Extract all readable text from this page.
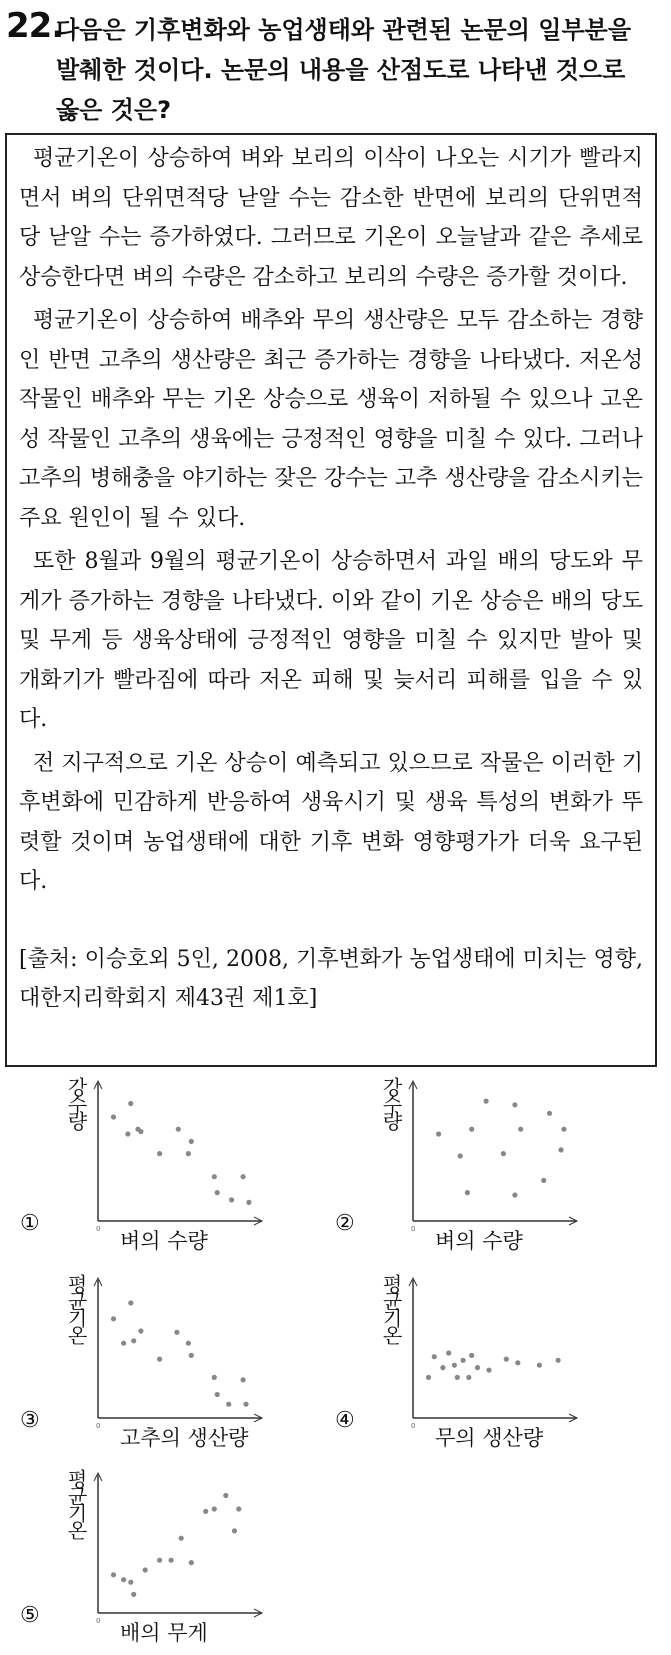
22.
다음은 기후변화와 농업생태와 관련된 논문의 일부분을 발췌한 것이다. 논문의 내용을 산점도로 나타낸 것으로 옳은 것은?

평균기온이 상승하여 벼와 보리의 이삭이 나오는 시기가 빨라지면서 벼의 단위면적당 낟알 수는 감소한 반면에 보리의 단위면적당 낟알 수는 증가하였다. 그러므로 기온이 오늘날과 같은 추세로 상승한다면 벼의 수량은 감소하고 보리의 수량은 증가할 것이다.

평균기온이 상승하여 배추와 무의 생산량은 모두 감소하는 경향인 반면 고추의 생산량은 최근 증가하는 경향을 나타냈다. 저온성 작물인 배추와 무는 기온 상승으로 생육이 저하될 수 있으나 고온성 작물인 고추의 생육에는 긍정적인 영향을 미칠 수 있다. 그러나 고추의 병해충을 야기하는 잦은 강수는 고추 생산량을 감소시키는 주요 원인이 될 수 있다.

또한 8월과 9월의 평균기온이 상승하면서 과일 배의 당도와 무게가 증가하는 경향을 나타냈다. 이와 같이 기온 상승은 배의 당도 및 무게 등 생육상태에 긍정적인 영향을 미칠 수 있지만 발아 및 개화기가 빨라짐에 따라 저온 피해 및 늦서리 피해를 입을 수 있다.

전 지구적으로 기온 상승이 예측되고 있으므로 작물은 이러한 기후변화에 민감하게 반응하여 생육시기 및 생육 특성의 변화가 뚜렷할 것이며 농업생태에 대한 기후 변화 영향평가가 더욱 요구된다.

[출처: 이승호외 5인, 2008, 기후변화가 농업생태에 미치는 영향, 대한지리학회지 제43권 제1호]

①
강수량
0 벼의 수량
②
강수량
0 벼의 수량
③
평균기온
0 고추의 생산량
④
평균기온
0 무의 생산량
⑤
평균기온
0 배의 무게
